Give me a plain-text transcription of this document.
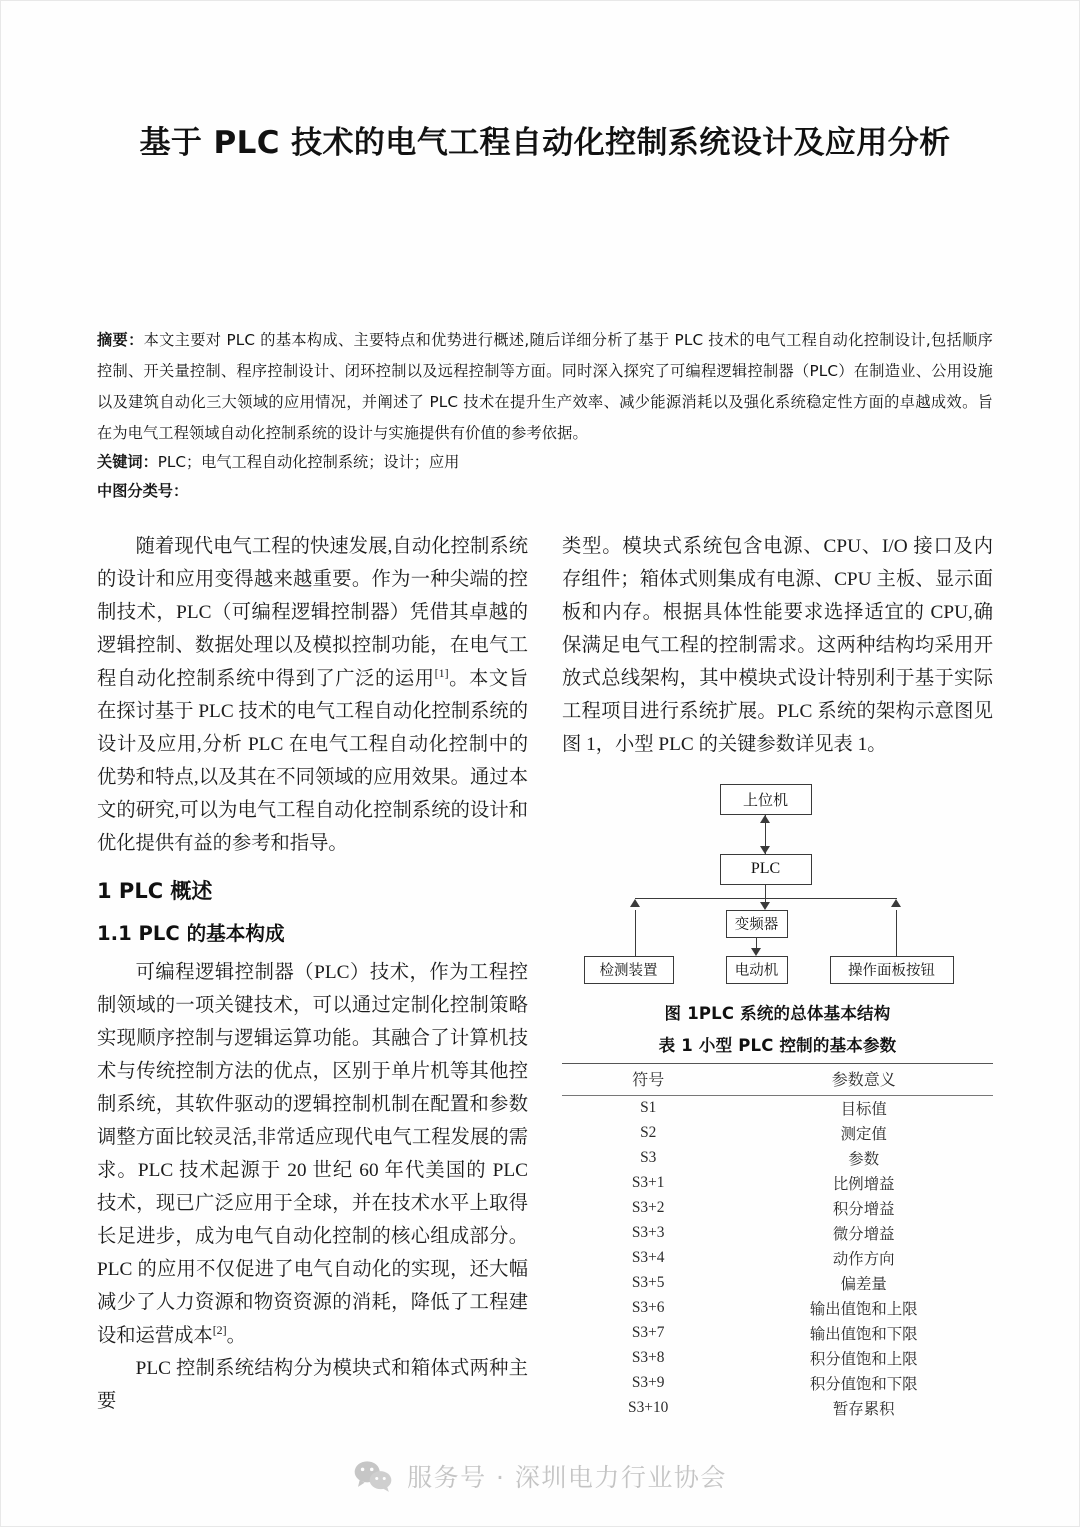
基于 PLC 技术的电气工程自动化控制系统设计及应用分析
摘要：本文主要对 PLC 的基本构成、主要特点和优势进行概述,随后详细分析了基于 PLC 技术的电气工程自动化控制设计,包括顺序控制、开关量控制、程序控制设计、闭环控制以及远程控制等方面。同时深入探究了可编程逻辑控制器（PLC）在制造业、公用设施以及建筑自动化三大领域的应用情况，并阐述了 PLC 技术在提升生产效率、减少能源消耗以及强化系统稳定性方面的卓越成效。旨在为电气工程领域自动化控制系统的设计与实施提供有价值的参考依据。
关键词：PLC；电气工程自动化控制系统；设计；应用
中图分类号：

随着现代电气工程的快速发展,自动化控制系统的设计和应用变得越来越重要。作为一种尖端的控制技术，PLC（可编程逻辑控制器）凭借其卓越的逻辑控制、数据处理以及模拟控制功能，在电气工程自动化控制系统中得到了广泛的运用[1]。本文旨在探讨基于 PLC 技术的电气工程自动化控制系统的设计及应用,分析 PLC 在电气工程自动化控制中的优势和特点,以及其在不同领域的应用效果。通过本文的研究,可以为电气工程自动化控制系统的设计和优化提供有益的参考和指导。

1 PLC 概述
1.1 PLC 的基本构成

可编程逻辑控制器（PLC）技术，作为工程控制领域的一项关键技术，可以通过定制化控制策略实现顺序控制与逻辑运算功能。其融合了计算机技术与传统控制方法的优点，区别于单片机等其他控制系统，其软件驱动的逻辑控制机制在配置和参数调整方面比较灵活,非常适应现代电气工程发展的需求。PLC 技术起源于 20 世纪 60 年代美国的 PLC 技术，现已广泛应用于全球，并在技术水平上取得长足进步，成为电气自动化控制的核心组成部分。PLC 的应用不仅促进了电气自动化的实现，还大幅减少了人力资源和物资资源的消耗，降低了工程建设和运营成本[2]。

PLC 控制系统结构分为模块式和箱体式两种主要

类型。模块式系统包含电源、CPU、I/O 接口及内存组件；箱体式则集成有电源、CPU 主板、显示面板和内存。根据具体性能要求选择适宜的 CPU,确保满足电气工程的控制需求。这两种结构均采用开放式总线架构，其中模块式设计特别利于基于实际工程项目进行系统扩展。PLC 系统的架构示意图见图 1，小型 PLC 的关键参数详见表 1。

上位机
PLC
变频器
电动机
检测装置	操作面板按钮

图 1PLC 系统的总体基本结构

表 1 小型 PLC 控制的基本参数

符号	参数意义
S1	目标值
S2	测定值
S3	参数
S3+1	比例增益
S3+2	积分增益
S3+3	微分增益
S3+4	动作方向
S3+5	偏差量
S3+6	输出值饱和上限
S3+7	输出值饱和下限
S3+8	积分值饱和上限
S3+9	积分值饱和下限
S3+10	暂存累积
服务号 · 深圳电力行业协会
